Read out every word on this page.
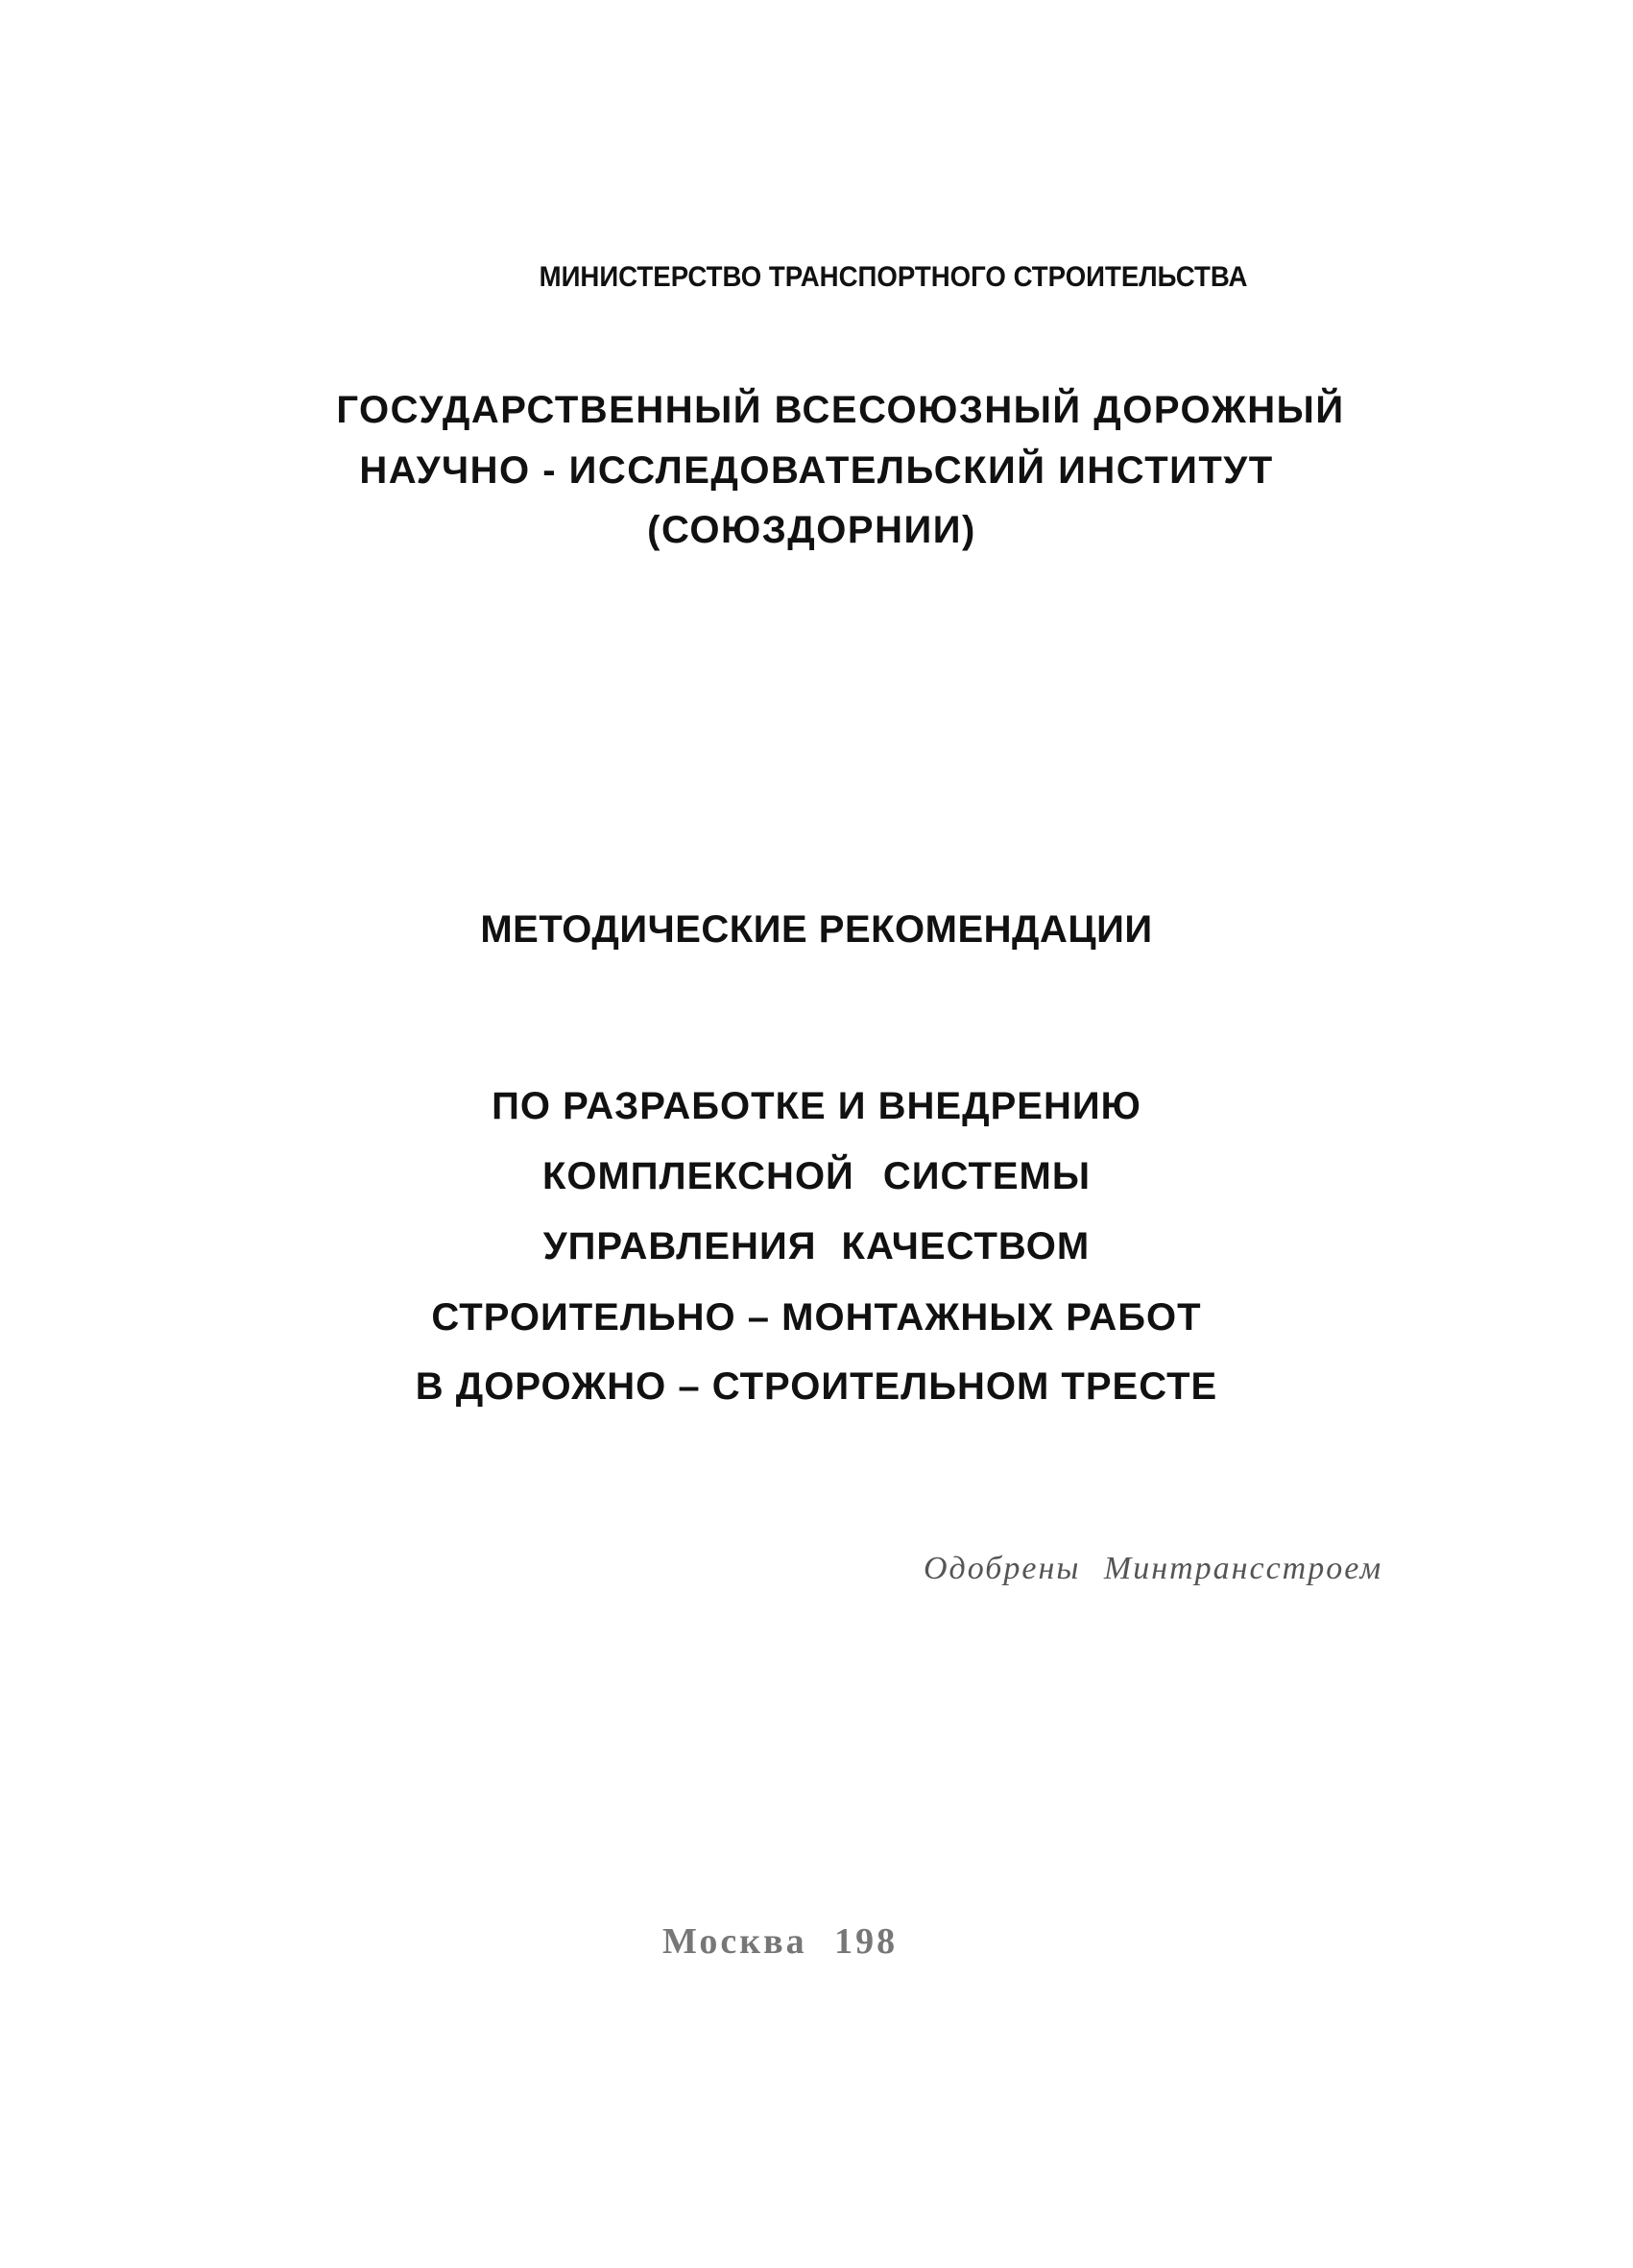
МИНИСТЕРСТВО ТРАНСПОРТНОГО СТРОИТЕЛЬСТВА
ГОСУДАРСТВЕННЫЙ ВСЕСОЮЗНЫЙ ДОРОЖНЫЙ
НАУЧНО - ИССЛЕДОВАТЕЛЬСКИЙ ИНСТИТУТ
(СОЮЗДОРНИИ)
МЕТОДИЧЕСКИЕ РЕКОМЕНДАЦИИ
ПО РАЗРАБОТКЕ И ВНЕДРЕНИЮ
КОМПЛЕКСНОЙ СИСТЕМЫ
УПРАВЛЕНИЯ КАЧЕСТВОМ
СТРОИТЕЛЬНО – МОНТАЖНЫХ РАБОТ
В ДОРОЖНО – СТРОИТЕЛЬНОМ ТРЕСТЕ
Одобрены Минтрансстроем
Москва 198
